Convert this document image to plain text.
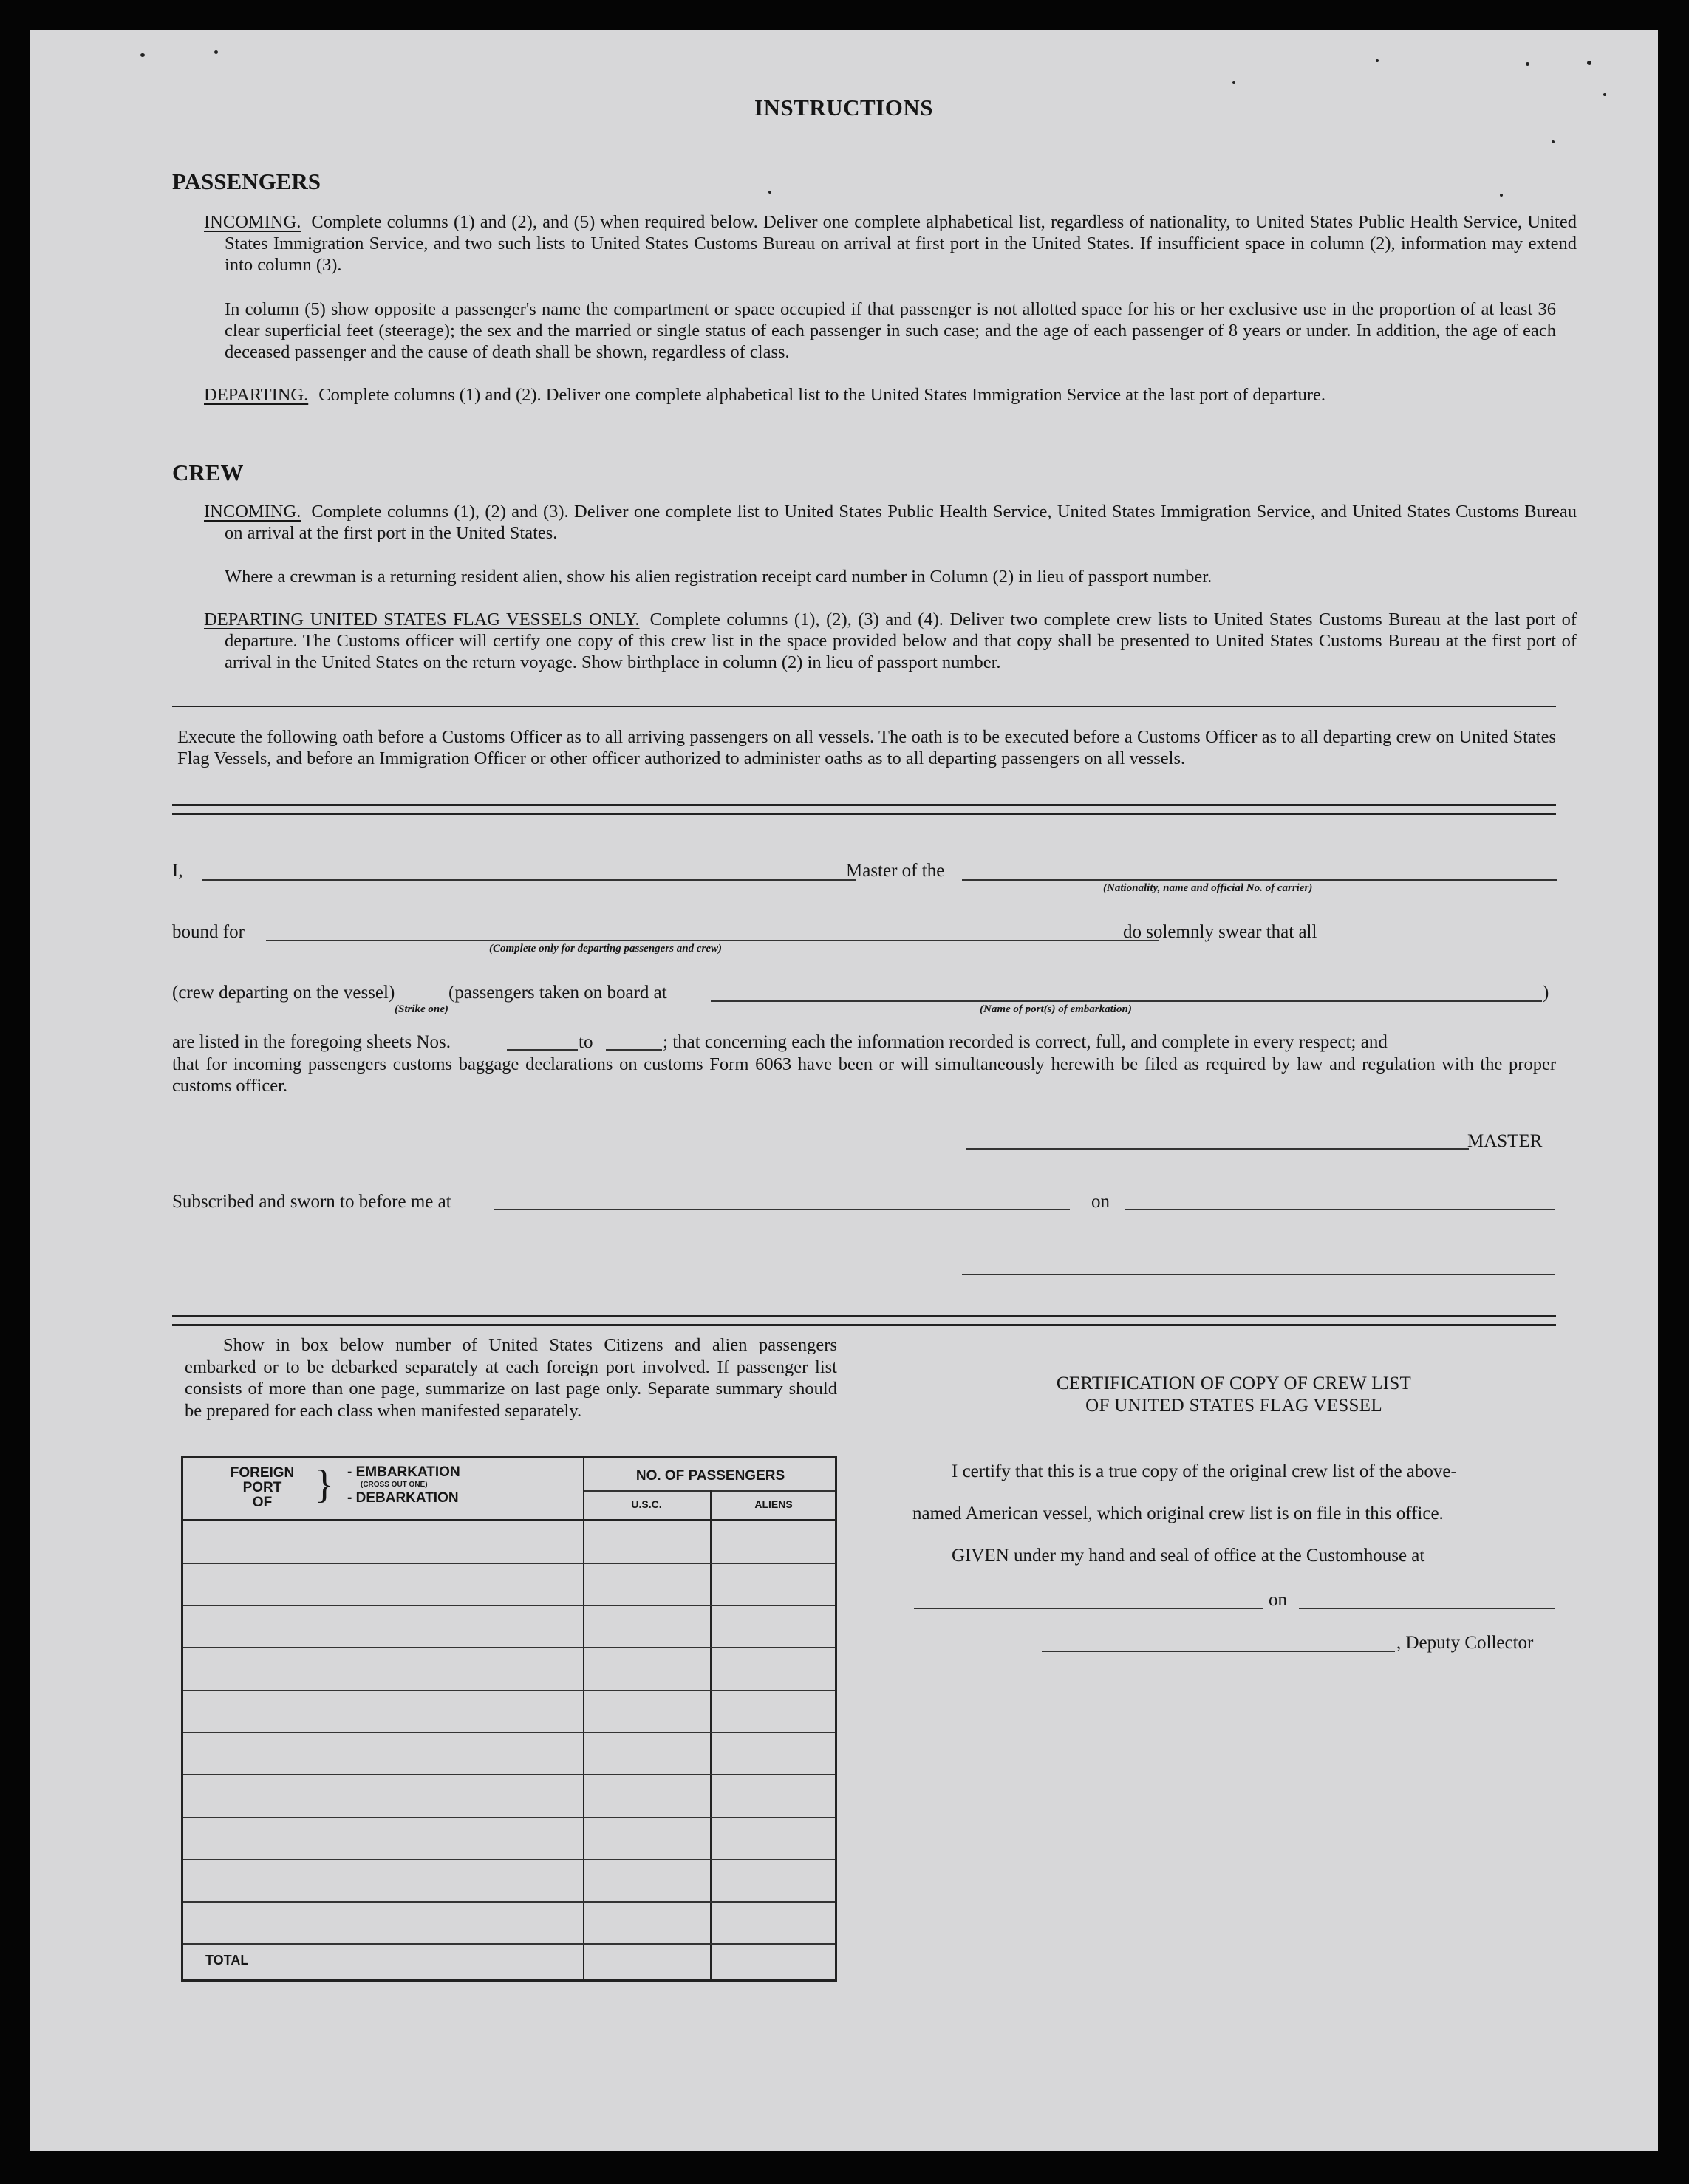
INSTRUCTIONS
PASSENGERS
INCOMING. Complete columns (1) and (2), and (5) when required below. Deliver one complete alphabetical list, regardless of nationality, to United States Public Health Service, United States Immigration Service, and two such lists to United States Customs Bureau on arrival at first port in the United States. If insufficient space in column (2), information may extend into column (3).
In column (5) show opposite a passenger's name the compartment or space occupied if that passenger is not allotted space for his or her exclusive use in the proportion of at least 36 clear superficial feet (steerage); the sex and the married or single status of each passenger in such case; and the age of each passenger of 8 years or under. In addition, the age of each deceased passenger and the cause of death shall be shown, regardless of class.
DEPARTING. Complete columns (1) and (2). Deliver one complete alphabetical list to the United States Immigration Service at the last port of departure.
CREW
INCOMING. Complete columns (1), (2) and (3). Deliver one complete list to United States Public Health Service, United States Immigration Service, and United States Customs Bureau on arrival at the first port in the United States.
Where a crewman is a returning resident alien, show his alien registration receipt card number in Column (2) in lieu of passport number.
DEPARTING UNITED STATES FLAG VESSELS ONLY. Complete columns (1), (2), (3) and (4). Deliver two complete crew lists to United States Customs Bureau at the last port of departure. The Customs officer will certify one copy of this crew list in the space provided below and that copy shall be presented to United States Customs Bureau at the first port of arrival in the United States on the return voyage. Show birthplace in column (2) in lieu of passport number.
Execute the following oath before a Customs Officer as to all arriving passengers on all vessels. The oath is to be executed before a Customs Officer as to all departing crew on United States Flag Vessels, and before an Immigration Officer or other officer authorized to administer oaths as to all departing passengers on all vessels.
I,	Master of the
(Nationality, name and official No. of carrier)
bound for
(Complete only for departing passengers and crew)
do solemnly swear that all
(crew departing on the vessel)
(Strike one)
(passengers taken on board at
(Name of port(s) of embarkation)
)
are listed in the foregoing sheets Nos.	to	; that concerning each the information recorded is correct, full, and complete in every respect; and
that for incoming passengers customs baggage declarations on customs Form 6063 have been or will simultaneously herewith be filed as required by law and regulation with the proper customs officer.
MASTER
Subscribed and sworn to before me at	on
Show in box below number of United States Citizens and alien passengers embarked or to be debarked separately at each foreign port involved. If passenger list consists of more than one page, summarize on last page only. Separate summary should be prepared for each class when manifested separately.
FOREIGN
PORT
OF	} - EMBARKATION
(CROSS OUT ONE)
- DEBARKATION
NO. OF PASSENGERS
U.S.C.	ALIENS
TOTAL
CERTIFICATION OF COPY OF CREW LIST
OF UNITED STATES FLAG VESSEL
I certify that this is a true copy of the original crew list of the above-
named American vessel, which original crew list is on file in this office.
GIVEN under my hand and seal of office at the Customhouse at
on
, Deputy Collector
